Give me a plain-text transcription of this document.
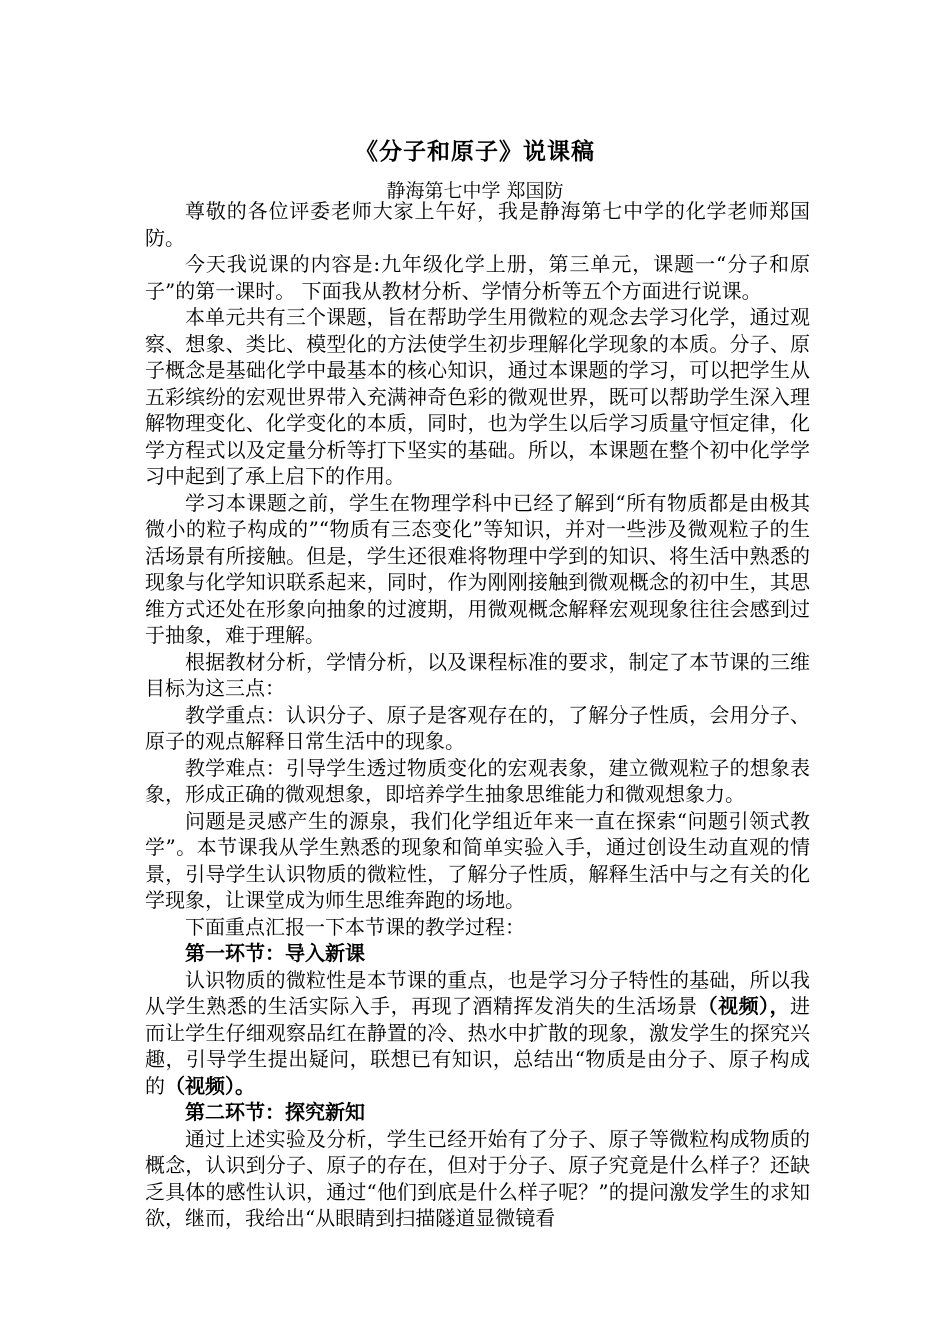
《分子和原子》说课稿
静海第七中学 郑国防

尊敬的各位评委老师大家上午好，我是静海第七中学的化学老师郑国防。

今天我说课的内容是:九年级化学上册，第三单元，课题一“分子和原子”的第一课时。 下面我从教材分析、学情分析等五个方面进行说课。

本单元共有三个课题，旨在帮助学生用微粒的观念去学习化学，通过观察、想象、类比、模型化的方法使学生初步理解化学现象的本质。分子、原子概念是基础化学中最基本的核心知识，通过本课题的学习，可以把学生从五彩缤纷的宏观世界带入充满神奇色彩的微观世界，既可以帮助学生深入理解物理变化、化学变化的本质，同时，也为学生以后学习质量守恒定律，化学方程式以及定量分析等打下坚实的基础。所以，本课题在整个初中化学学习中起到了承上启下的作用。

学习本课题之前，学生在物理学科中已经了解到“所有物质都是由极其微小的粒子构成的”“物质有三态变化”等知识，并对一些涉及微观粒子的生活场景有所接触。但是，学生还很难将物理中学到的知识、将生活中熟悉的现象与化学知识联系起来，同时，作为刚刚接触到微观概念的初中生，其思维方式还处在形象向抽象的过渡期，用微观概念解释宏观现象往往会感到过于抽象，难于理解。

根据教材分析，学情分析，以及课程标准的要求，制定了本节课的三维目标为这三点：

教学重点：认识分子、原子是客观存在的，了解分子性质，会用分子、原子的观点解释日常生活中的现象。

教学难点：引导学生透过物质变化的宏观表象，建立微观粒子的想象表象，形成正确的微观想象，即培养学生抽象思维能力和微观想象力。

问题是灵感产生的源泉，我们化学组近年来一直在探索“问题引领式教学”。本节课我从学生熟悉的现象和简单实验入手，通过创设生动直观的情景，引导学生认识物质的微粒性，了解分子性质，解释生活中与之有关的化学现象，让课堂成为师生思维奔跑的场地。

下面重点汇报一下本节课的教学过程：

第一环节：导入新课

认识物质的微粒性是本节课的重点，也是学习分子特性的基础，所以我从学生熟悉的生活实际入手，再现了酒精挥发消失的生活场景（视频），进而让学生仔细观察品红在静置的冷、热水中扩散的现象，激发学生的探究兴趣，引导学生提出疑问，联想已有知识，总结出“物质是由分子、原子构成的（视频）。

第二环节：探究新知

通过上述实验及分析，学生已经开始有了分子、原子等微粒构成物质的概念，认识到分子、原子的存在，但对于分子、原子究竟是什么样子？还缺乏具体的感性认识，通过“他们到底是什么样子呢？”的提问激发学生的求知欲，继而，我给出“从眼睛到扫描隧道显微镜看
